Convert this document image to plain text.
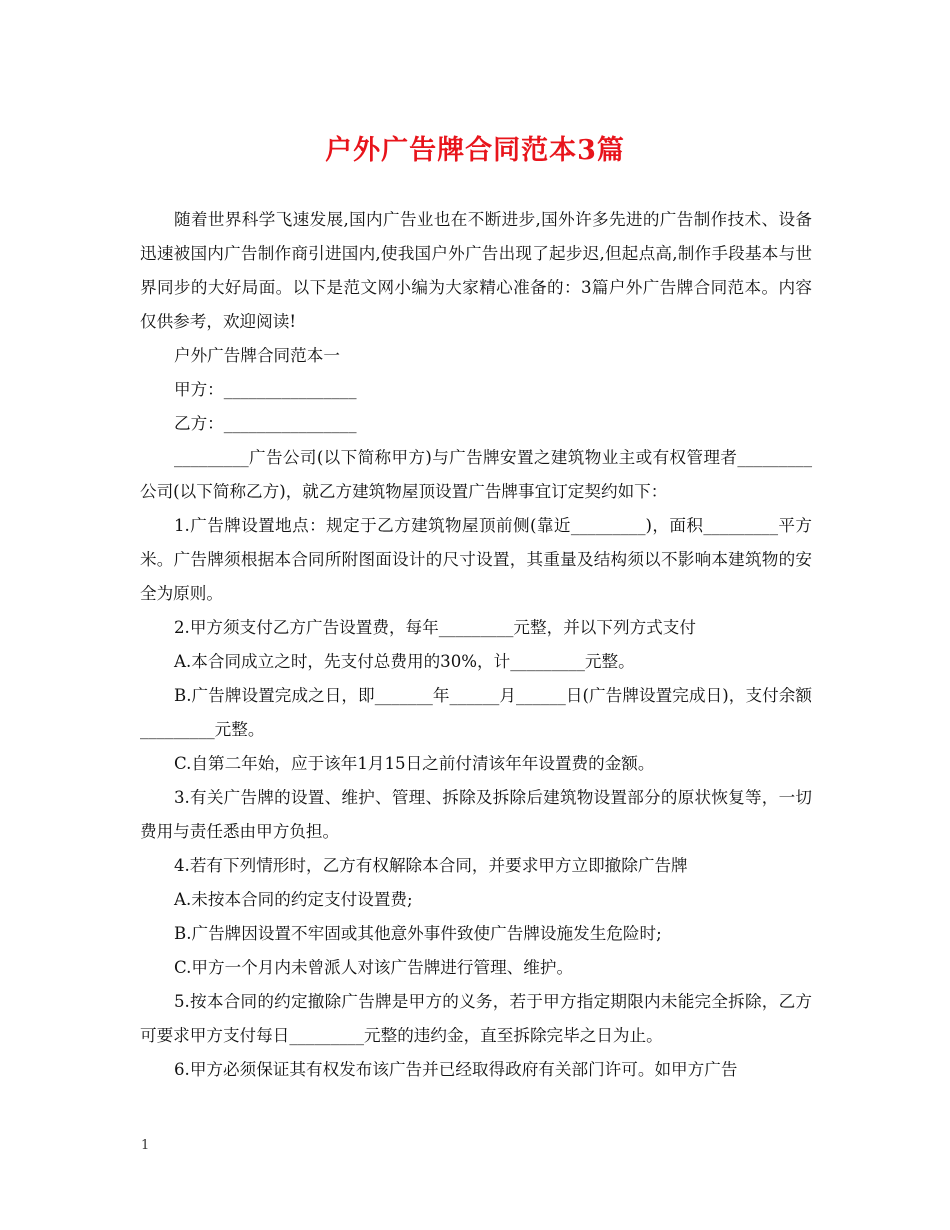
户外广告牌合同范本3篇

随着世界科学飞速发展,国内广告业也在不断进步,国外许多先进的广告制作技术、设备迅速被国内广告制作商引进国内,使我国户外广告出现了起步迟,但起点高,制作手段基本与世界同步的大好局面。以下是范文网小编为大家精心准备的：3篇户外广告牌合同范本。内容仅供参考，欢迎阅读!

户外广告牌合同范本一

甲方：________________

乙方：________________

_________广告公司(以下简称甲方)与广告牌安置之建筑物业主或有权管理者_________公司(以下简称乙方)，就乙方建筑物屋顶设置广告牌事宜订定契约如下：

1.广告牌设置地点：规定于乙方建筑物屋顶前侧(靠近_________)，面积_________平方米。广告牌须根据本合同所附图面设计的尺寸设置，其重量及结构须以不影响本建筑物的安全为原则。

2.甲方须支付乙方广告设置费，每年_________元整，并以下列方式支付

A.本合同成立之时，先支付总费用的30%，计_________元整。

B.广告牌设置完成之日，即_______年______月______日(广告牌设置完成日)，支付余额_________元整。

C.自第二年始，应于该年1月15日之前付清该年年设置费的金额。

3.有关广告牌的设置、维护、管理、拆除及拆除后建筑物设置部分的原状恢复等，一切费用与责任悉由甲方负担。

4.若有下列情形时，乙方有权解除本合同，并要求甲方立即撤除广告牌

A.未按本合同的约定支付设置费;

B.广告牌因设置不牢固或其他意外事件致使广告牌设施发生危险时;

C.甲方一个月内未曾派人对该广告牌进行管理、维护。

5.按本合同的约定撤除广告牌是甲方的义务，若于甲方指定期限内未能完全拆除，乙方可要求甲方支付每日_________元整的违约金，直至拆除完毕之日为止。

6.甲方必须保证其有权发布该广告并已经取得政府有关部门许可。如甲方广告

1
